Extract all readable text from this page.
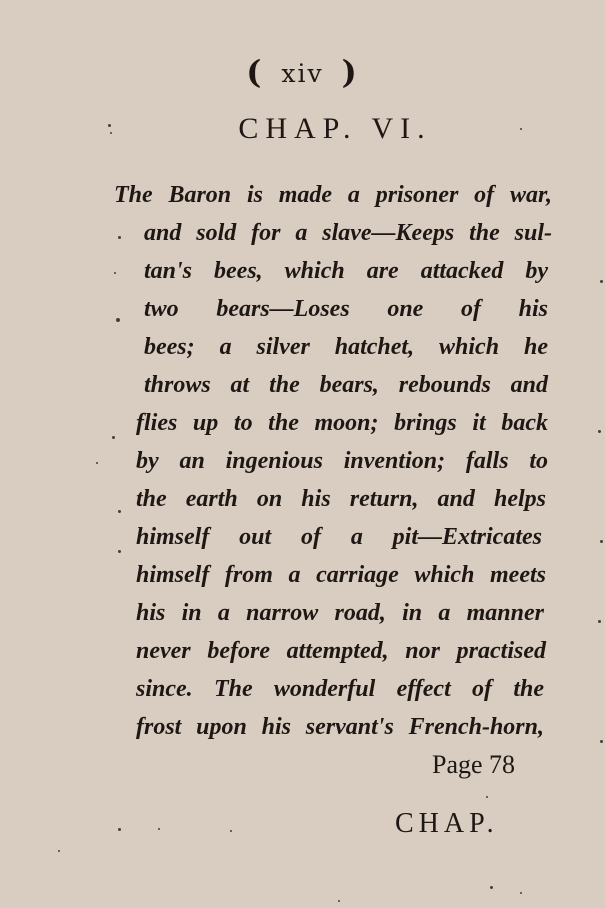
( xiv )
CHAP. VI.
The Baron is made a prisoner of war,
and sold for a slave—Keeps the sul-
tan's bees, which are attacked by
two bears—Loses one of his
bees; a silver hatchet, which he
throws at the bears, rebounds and
flies up to the moon; brings it back
by an ingenious invention; falls to
the earth on his return, and helps
himself out of a pit—Extricates
himself from a carriage which meets
his in a narrow road, in a manner
never before attempted, nor practised
since. The wonderful effect of the
frost upon his servant's French-horn,
Page 78
CHAP.
